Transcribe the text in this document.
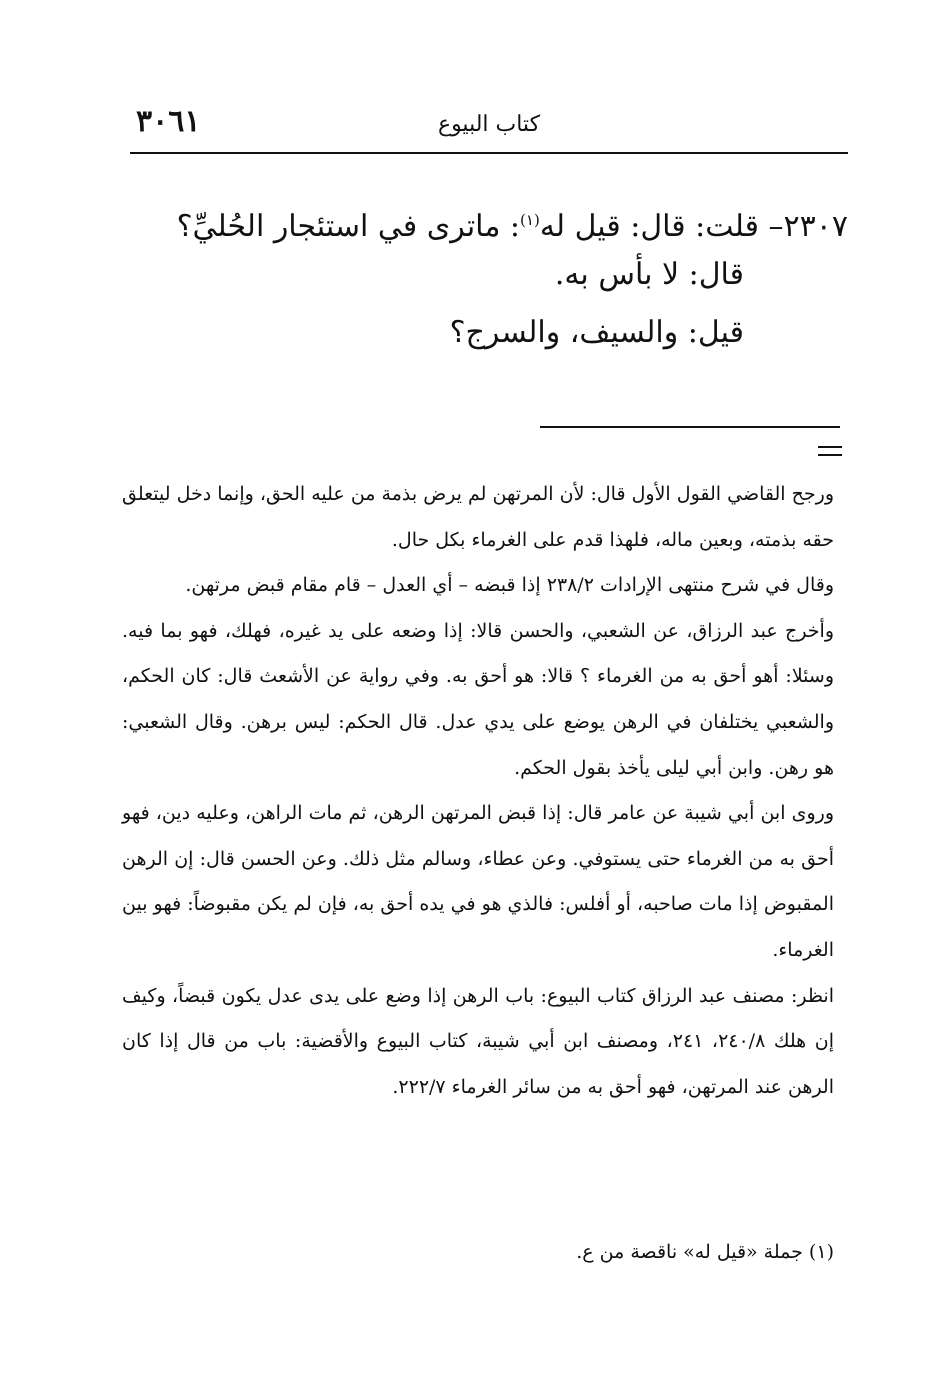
٣٠٦١	كتاب البيوع
٢٣٠٧– قلت: قال: قيل له$^{(١)}$: ماترى في استئجار الحُليِّ؟
قال: لا بأس به.
قيل: والسيف، والسرج؟

ورجح القاضي القول الأول قال: لأن المرتهن لم يرض بذمة من عليه الحق، وإنما دخل ليتعلق حقه بذمته، وبعين ماله، فلهذا قدم على الغرماء بكل حال.

وقال في شرح منتهى الإرادات ٢٣٨/٢ إذا قبضه – أي العدل – قام مقام قبض مرتهن.

وأخرج عبد الرزاق، عن الشعبي، والحسن قالا: إذا وضعه على يد غيره، فهلك، فهو بما فيه. وسئلا: أهو أحق به من الغرماء ؟ قالا: هو أحق به. وفي رواية عن الأشعث قال: كان الحكم، والشعبي يختلفان في الرهن يوضع على يدي عدل. قال الحكم: ليس برهن. وقال الشعبي: هو رهن. وابن أبي ليلى يأخذ بقول الحكم.

وروى ابن أبي شيبة عن عامر قال: إذا قبض المرتهن الرهن، ثم مات الراهن، وعليه دين، فهو أحق به من الغرماء حتى يستوفي. وعن عطاء، وسالم مثل ذلك. وعن الحسن قال: إن الرهن المقبوض إذا مات صاحبه، أو أفلس: فالذي هو في يده أحق به، فإن لم يكن مقبوضاً: فهو بين الغرماء.

انظر: مصنف عبد الرزاق كتاب البيوع: باب الرهن إذا وضع على يدى عدل يكون قبضاً، وكيف إن هلك ٢٤٠/٨، ٢٤١، ومصنف ابن أبي شيبة، كتاب البيوع والأقضية: باب من قال إذا كان الرهن عند المرتهن، فهو أحق به من سائر الغرماء ٢٢٢/٧.

(١) جملة «قيل له» ناقصة من ع.
